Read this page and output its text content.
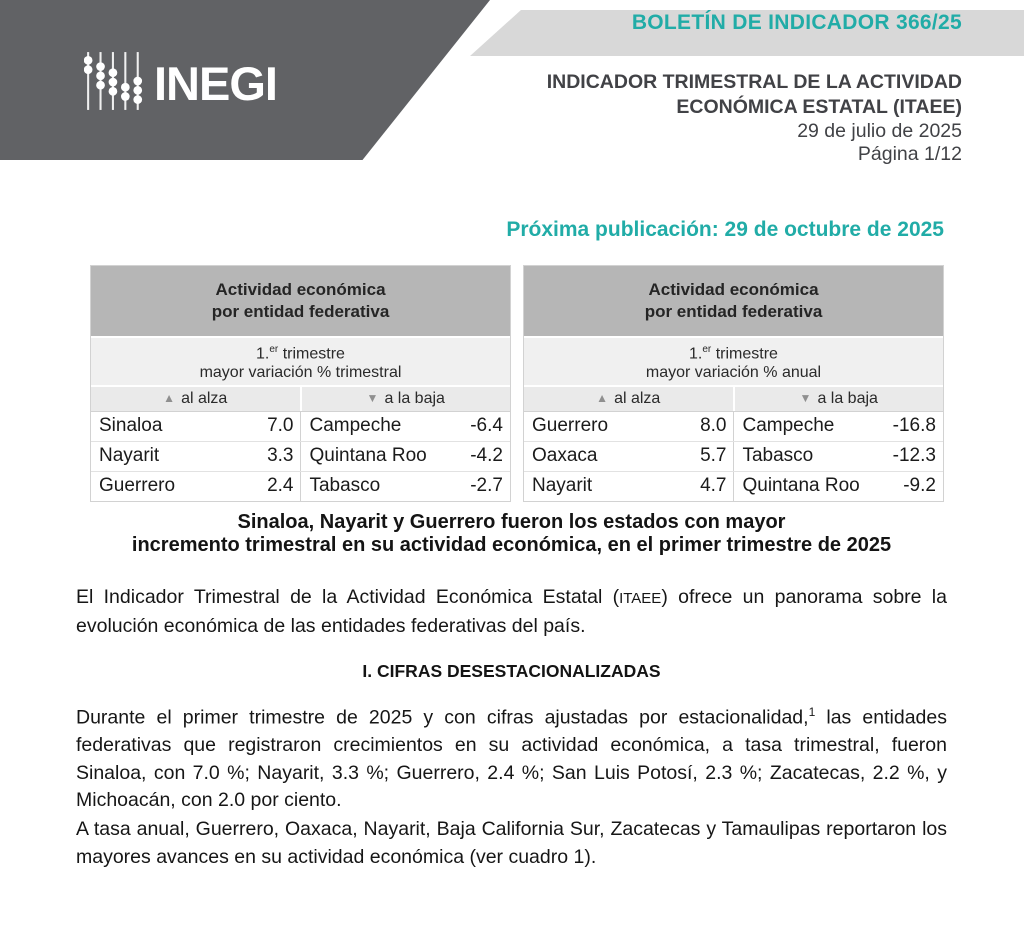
INEGI
BOLETÍN DE INDICADOR 366/25
INDICADOR TRIMESTRAL DE LA ACTIVIDAD
ECONÓMICA ESTATAL (ITAEE)
29 de julio de 2025
Página 1/12
Próxima publicación: 29 de octubre de 2025
Actividad económica
por entidad federativa
1.$^{er}$ trimestre
mayor variación % trimestral
▲ al alza	▼ a la baja
Sinaloa	7.0 Campeche	-6.4
Nayarit	3.3 Quintana Roo	-4.2
Guerrero	2.4 Tabasco	-2.7
Actividad económica
por entidad federativa
1.$^{er}$ trimestre
mayor variación % anual
▲ al alza	▼ a la baja
Guerrero	8.0 Campeche	-16.8
Oaxaca	5.7 Tabasco	-12.3
Nayarit	4.7 Quintana Roo	-9.2
Sinaloa, Nayarit y Guerrero fueron los estados con mayor
incremento trimestral en su actividad económica, en el primer trimestre de 2025
El Indicador Trimestral de la Actividad Económica Estatal (ITAEE) ofrece un panorama sobre la evolución económica de las entidades federativas del país.
I. CIFRAS DESESTACIONALIZADAS
Durante el primer trimestre de 2025 y con cifras ajustadas por estacionalidad,$^1$ las entidades federativas que registraron crecimientos en su actividad económica, a tasa trimestral, fueron Sinaloa, con 7.0 %; Nayarit, 3.3 %; Guerrero, 2.4 %; San Luis Potosí, 2.3 %; Zacatecas, 2.2 %, y Michoacán, con 2.0 por ciento.
A tasa anual, Guerrero, Oaxaca, Nayarit, Baja California Sur, Zacatecas y Tamaulipas reportaron los mayores avances en su actividad económica (ver cuadro 1).
